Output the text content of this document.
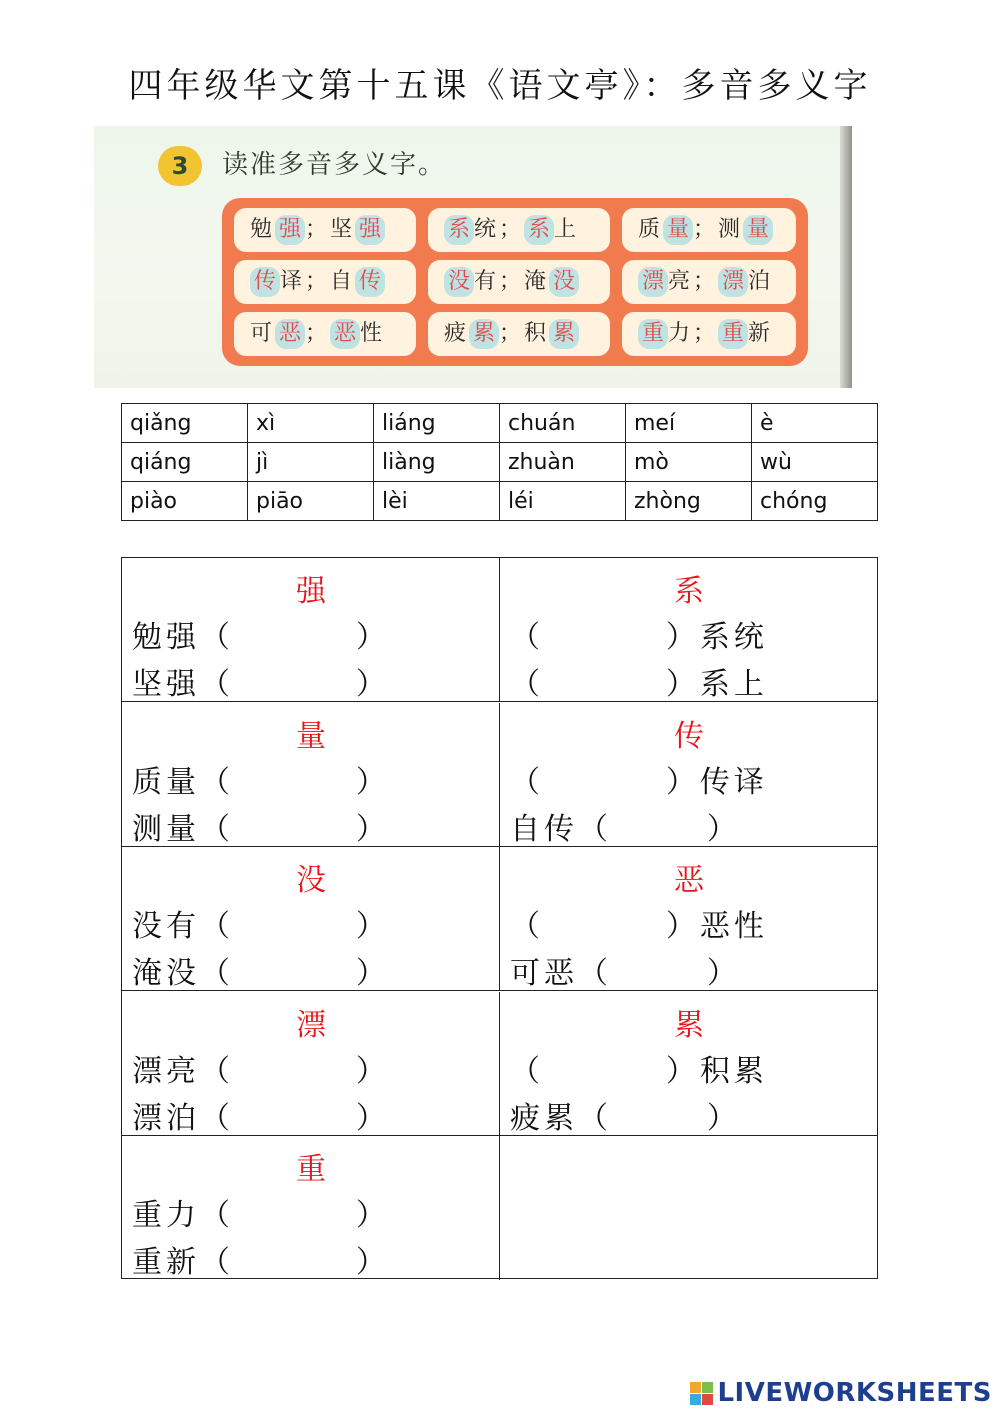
四年级华文第十五课《语文亭》：多音多义字
3	读准多音多义字。
勉 强 ；坚 强	系 统； 系 上	质 量 ；测 量
传 译；自 传	没 有；淹 没	漂 亮； 漂 泊
可 恶 ； 恶 性	疲 累 ；积 累	重 力； 重 新
qiǎng	xì	liáng	chuán	meí	è
qiáng	jì	liàng	zhuàn	mò	wù
piào	piāo	lèi	léi	zhòng	chóng
强
勉强（         ）
坚强（         ）
系
（         ）系统
（         ）系上
量
质量（         ）
测量（         ）
传
（         ）传译
自传（       ）
没
没有（         ）
淹没（         ）
恶
（         ）恶性
可恶（       ）
漂
漂亮（         ）
漂泊（         ）
累
（         ）积累
疲累（       ）
重
重力（         ）
重新（         ）
LIVEWORKSHEETS
